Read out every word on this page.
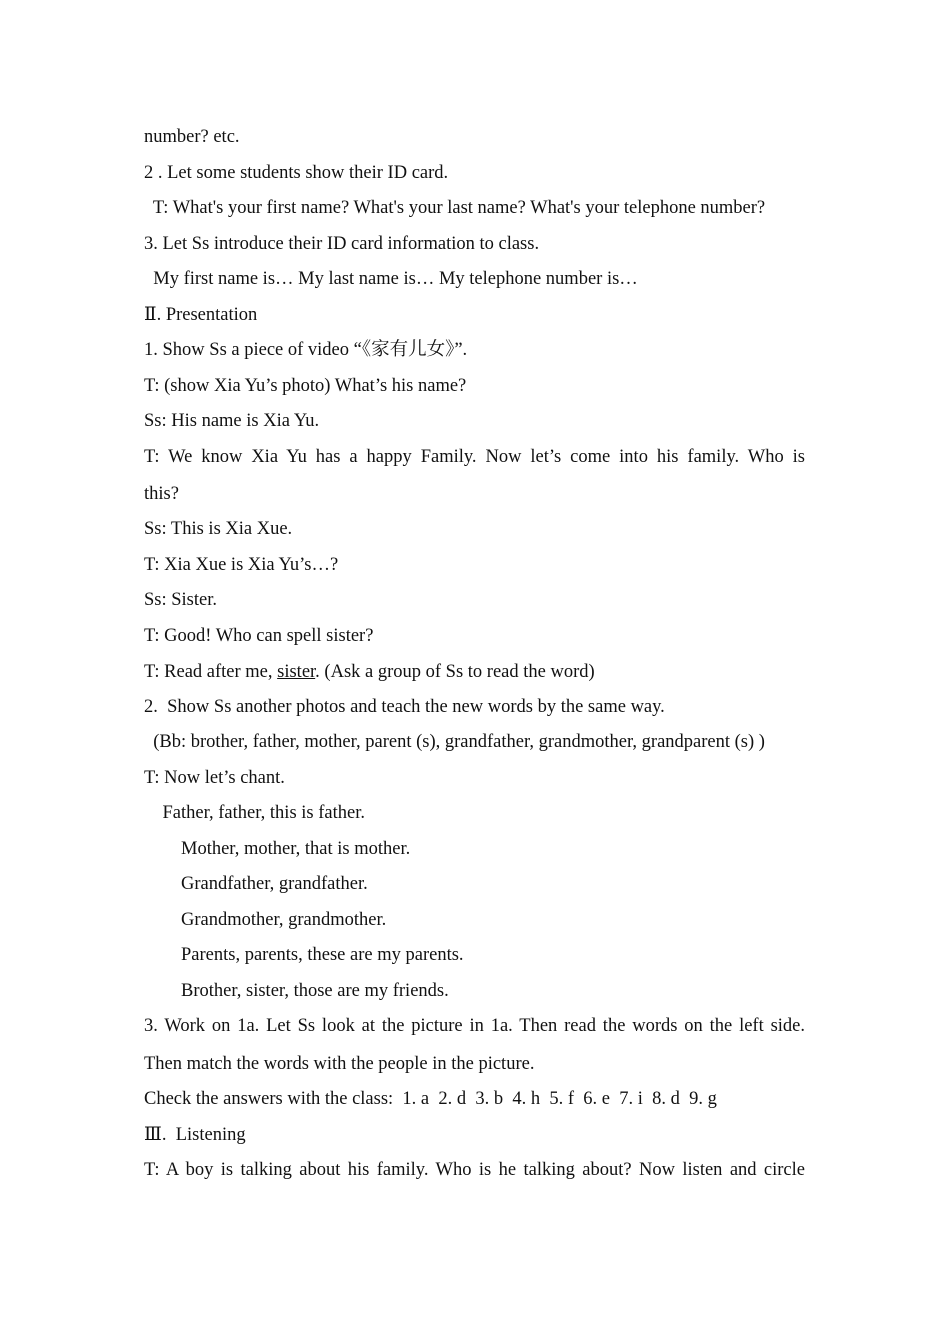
number? etc.
2 . Let some students show their ID card.
T: What's your first name? What's your last name? What's your telephone number?
3. Let Ss introduce their ID card information to class.
My first name is… My last name is… My telephone number is…
Ⅱ. Presentation
1. Show Ss a piece of video “《家有儿女》”.
T: (show Xia Yu’s photo) What’s his name?
Ss: His name is Xia Yu.
T: We know Xia Yu has a happy Family. Now let’s come into his family. Who is
this?
Ss: This is Xia Xue.
T: Xia Xue is Xia Yu’s…?
Ss: Sister.
T: Good! Who can spell sister?
T: Read after me, sister. (Ask a group of Ss to read the word)
2.  Show Ss another photos and teach the new words by the same way.
(Bb: brother, father, mother, parent (s), grandfather, grandmother, grandparent (s) )
T: Now let’s chant.
Father, father, this is father.
Mother, mother, that is mother.
Grandfather, grandfather.
Grandmother, grandmother.
Parents, parents, these are my parents.
Brother, sister, those are my friends.
3. Work on 1a. Let Ss look at the picture in 1a. Then read the words on the left side.
Then match the words with the people in the picture.
Check the answers with the class:  1. a  2. d  3. b  4. h  5. f  6. e  7. i  8. d  9. g
Ⅲ.  Listening
T: A boy is talking about his family. Who is he talking about? Now listen and circle
